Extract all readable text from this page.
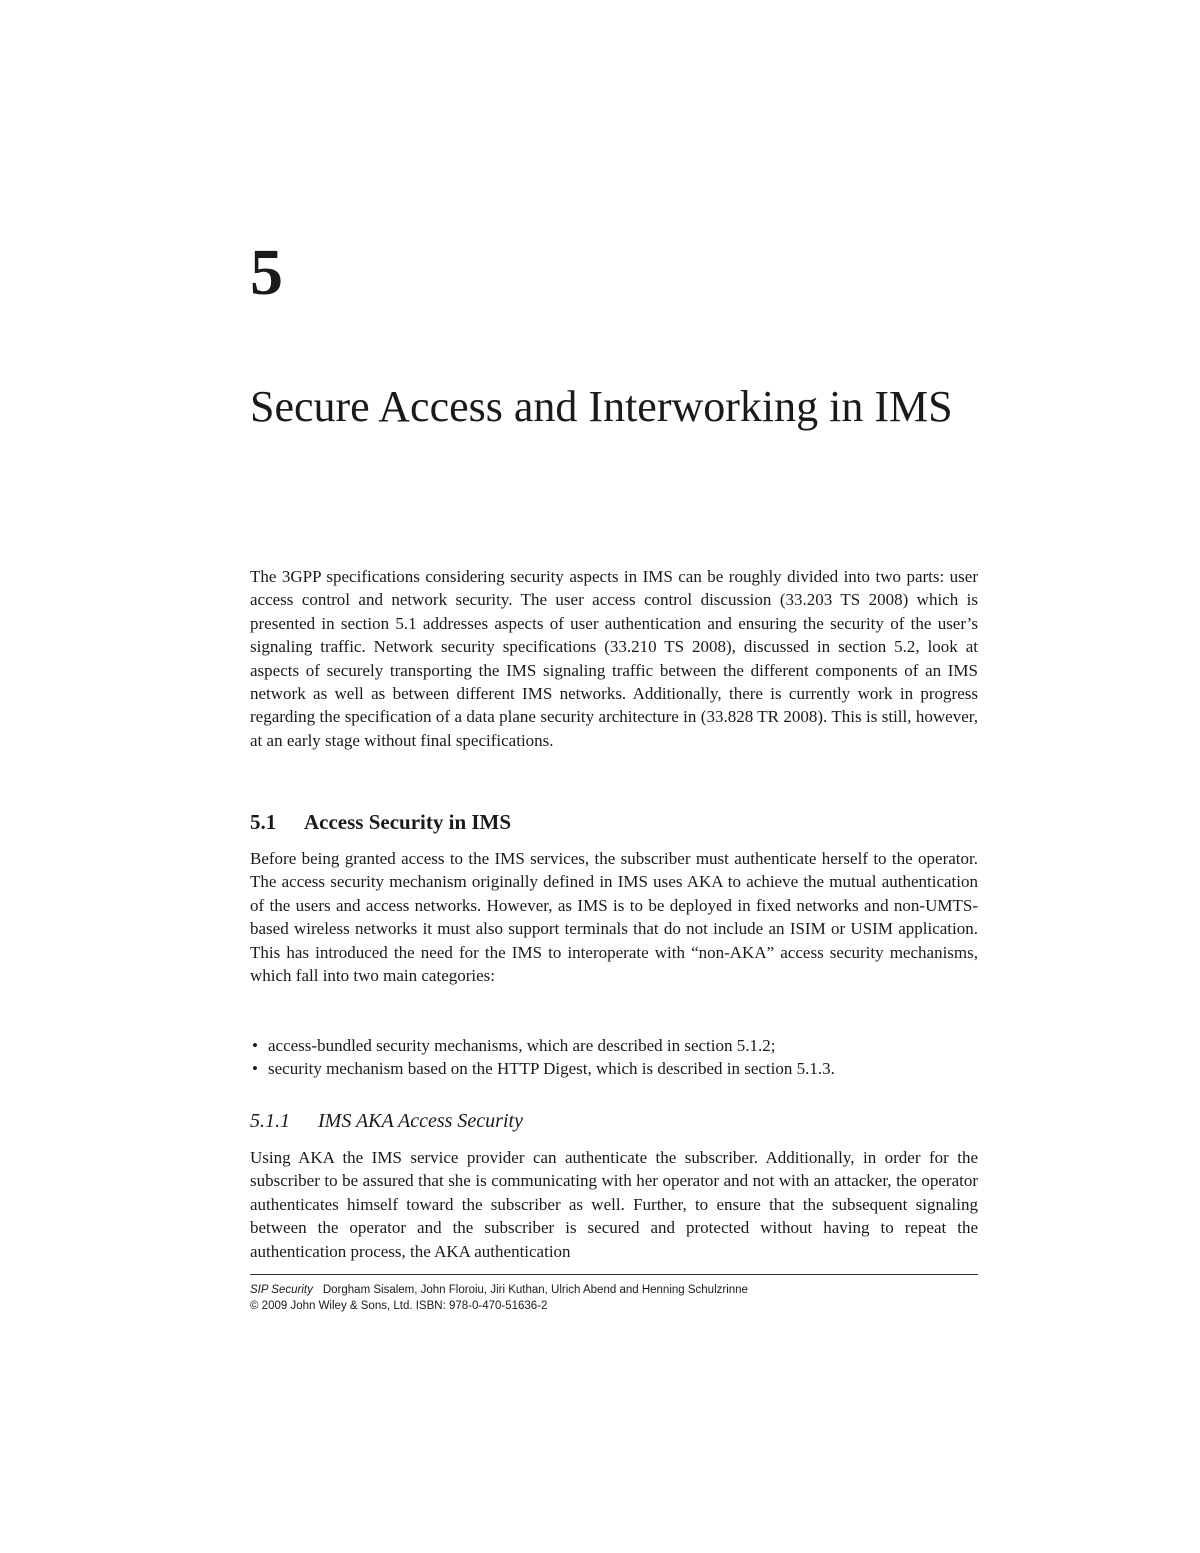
5
Secure Access and Interworking in IMS

The 3GPP specifications considering security aspects in IMS can be roughly divided into two parts: user access control and network security. The user access control discussion (33.203 TS 2008) which is presented in section 5.1 addresses aspects of user authentication and ensuring the security of the user’s signaling traffic. Network security specifications (33.210 TS 2008), discussed in section 5.2, look at aspects of securely transporting the IMS signaling traffic between the different components of an IMS network as well as between different IMS networks. Additionally, there is currently work in progress regarding the specification of a data plane security architecture in (33.828 TR 2008). This is still, however, at an early stage without final specifications.

5.1 Access Security in IMS

Before being granted access to the IMS services, the subscriber must authenticate herself to the operator. The access security mechanism originally defined in IMS uses AKA to achieve the mutual authentication of the users and access networks. However, as IMS is to be deployed in fixed networks and non-UMTS-based wireless networks it must also support terminals that do not include an ISIM or USIM application. This has introduced the need for the IMS to interoperate with “non-AKA” access security mechanisms, which fall into two main categories:

• access-bundled security mechanisms, which are described in section 5.1.2;
• security mechanism based on the HTTP Digest, which is described in section 5.1.3.
5.1.1 IMS AKA Access Security

Using AKA the IMS service provider can authenticate the subscriber. Additionally, in order for the subscriber to be assured that she is communicating with her operator and not with an attacker, the operator authenticates himself toward the subscriber as well. Further, to ensure that the subsequent signaling between the operator and the subscriber is secured and protected without having to repeat the authentication process, the AKA authentication

SIP Security Dorgham Sisalem, John Floroiu, Jiri Kuthan, Ulrich Abend and Henning Schulzrinne
© 2009 John Wiley & Sons, Ltd. ISBN: 978-0-470-51636-2
